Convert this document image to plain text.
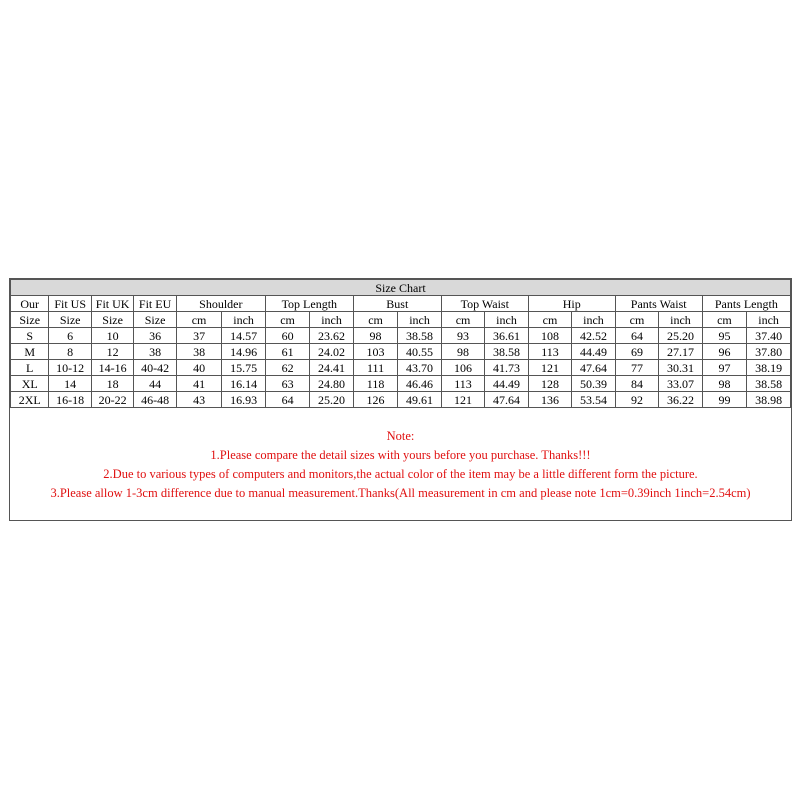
Size Chart																	
Our	Fit US	Fit UK	Fit EU	Shoulder		Top Length		Bust		Top Waist		Hip		Pants Waist		Pants Length	
Size	Size	Size	Size	cm	inch	cm	inch	cm	inch	cm	inch	cm	inch	cm	inch	cm	inch
S	6	10	36	37	14.57	60	23.62	98	38.58	93	36.61	108	42.52	64	25.20	95	37.40
M	8	12	38	38	14.96	61	24.02	103	40.55	98	38.58	113	44.49	69	27.17	96	37.80
L	10-12	14-16	40-42	40	15.75	62	24.41	111	43.70	106	41.73	121	47.64	77	30.31	97	38.19
XL	14	18	44	41	16.14	63	24.80	118	46.46	113	44.49	128	50.39	84	33.07	98	38.58
2XL	16-18	20-22	46-48	43	16.93	64	25.20	126	49.61	121	47.64	136	53.54	92	36.22	99	38.98
Note:
1.Please compare the detail sizes with yours before you purchase. Thanks!!!
2.Due to various types of computers and monitors,the actual color of the item may be a little different form the picture.
3.Please allow 1-3cm difference due to manual measurement.Thanks(All measurement in cm and please note 1cm=0.39inch 1inch=2.54cm)
